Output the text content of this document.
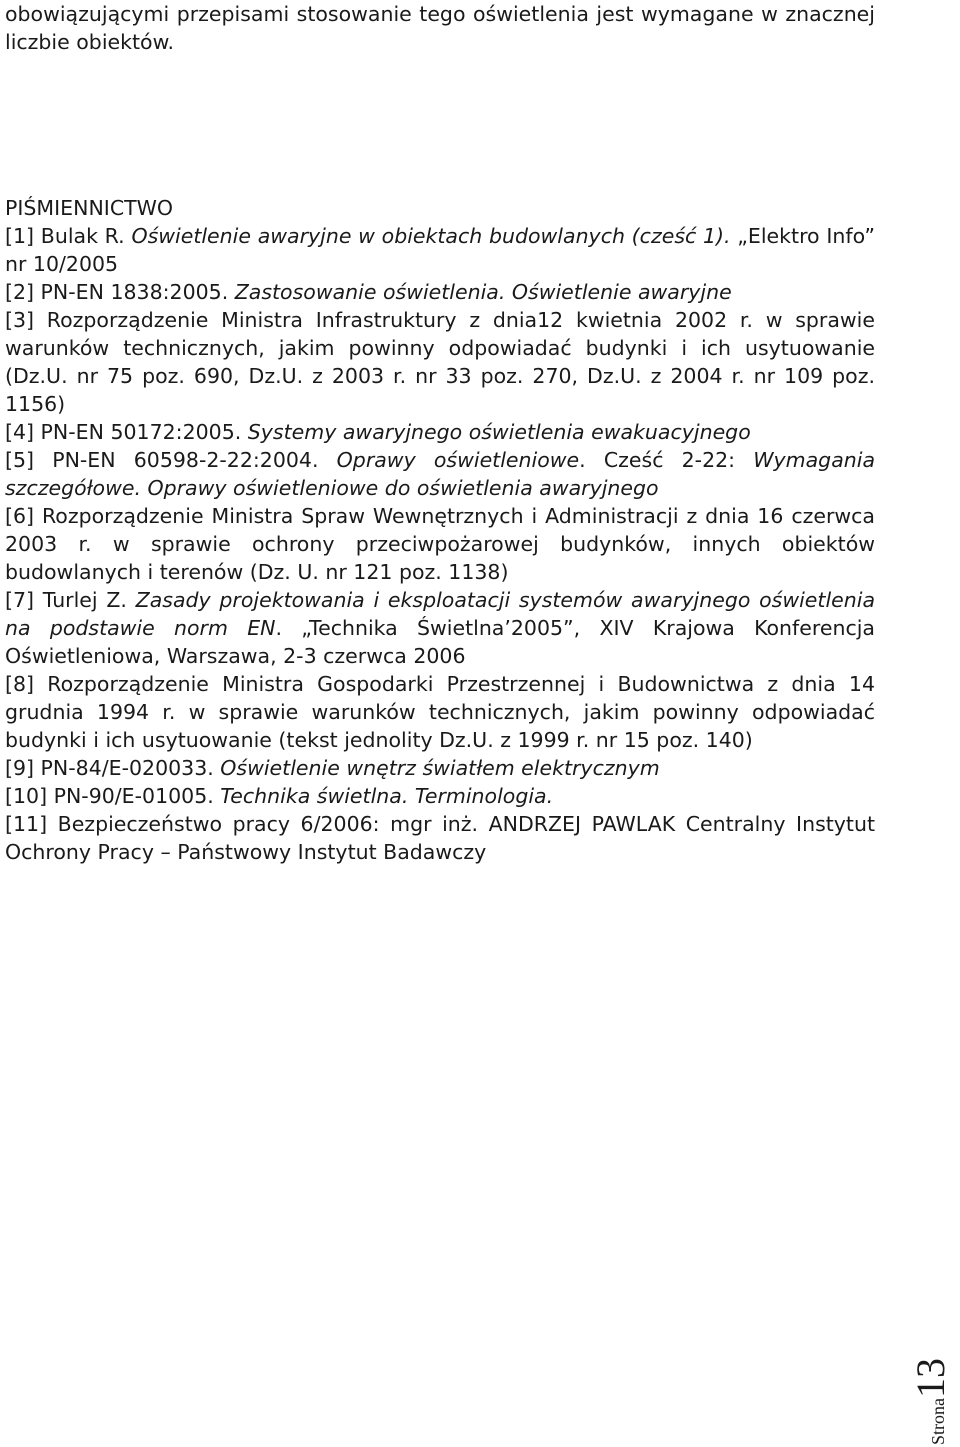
obowiązującymi przepisami stosowanie tego oświetlenia jest wymagane w znacznej liczbie obiektów.

PIŚMIENNICTWO

[1] Bulak R. Oświetlenie awaryjne w obiektach budowlanych (cześć 1). „Elektro Info” nr 10/2005

[2] PN-EN 1838:2005. Zastosowanie oświetlenia. Oświetlenie awaryjne

[3] Rozporządzenie Ministra Infrastruktury z dnia12 kwietnia 2002 r. w sprawie warunków technicznych, jakim powinny odpowiadać budynki i ich usytuowanie (Dz.U. nr 75 poz. 690, Dz.U. z 2003 r. nr 33 poz. 270, Dz.U. z 2004 r. nr 109 poz. 1156)

[4] PN-EN 50172:2005. Systemy awaryjnego oświetlenia ewakuacyjnego

[5] PN-EN 60598-2-22:2004. Oprawy oświetleniowe. Cześć 2-22: Wymagania szczegółowe. Oprawy oświetleniowe do oświetlenia awaryjnego

[6] Rozporządzenie Ministra Spraw Wewnętrznych i Administracji z dnia 16 czerwca 2003 r. w sprawie ochrony przeciwpożarowej budynków, innych obiektów budowlanych i terenów (Dz. U. nr 121 poz. 1138)

[7] Turlej Z. Zasady projektowania i eksploatacji systemów awaryjnego oświetlenia na podstawie norm EN. „Technika Świetlna’2005”, XIV Krajowa Konferencja Oświetleniowa, Warszawa, 2-3 czerwca 2006

[8] Rozporządzenie Ministra Gospodarki Przestrzennej i Budownictwa z dnia 14 grudnia 1994 r. w sprawie warunków technicznych, jakim powinny odpowiadać budynki i ich usytuowanie (tekst jednolity Dz.U. z 1999 r. nr 15 poz. 140)

[9] PN-84/E-020033. Oświetlenie wnętrz światłem elektrycznym

[10] PN-90/E-01005. Technika świetlna. Terminologia.

[11] Bezpieczeństwo pracy 6/2006: mgr inż. ANDRZEJ PAWLAK Centralny Instytut Ochrony Pracy – Państwowy Instytut Badawczy

Strona13
